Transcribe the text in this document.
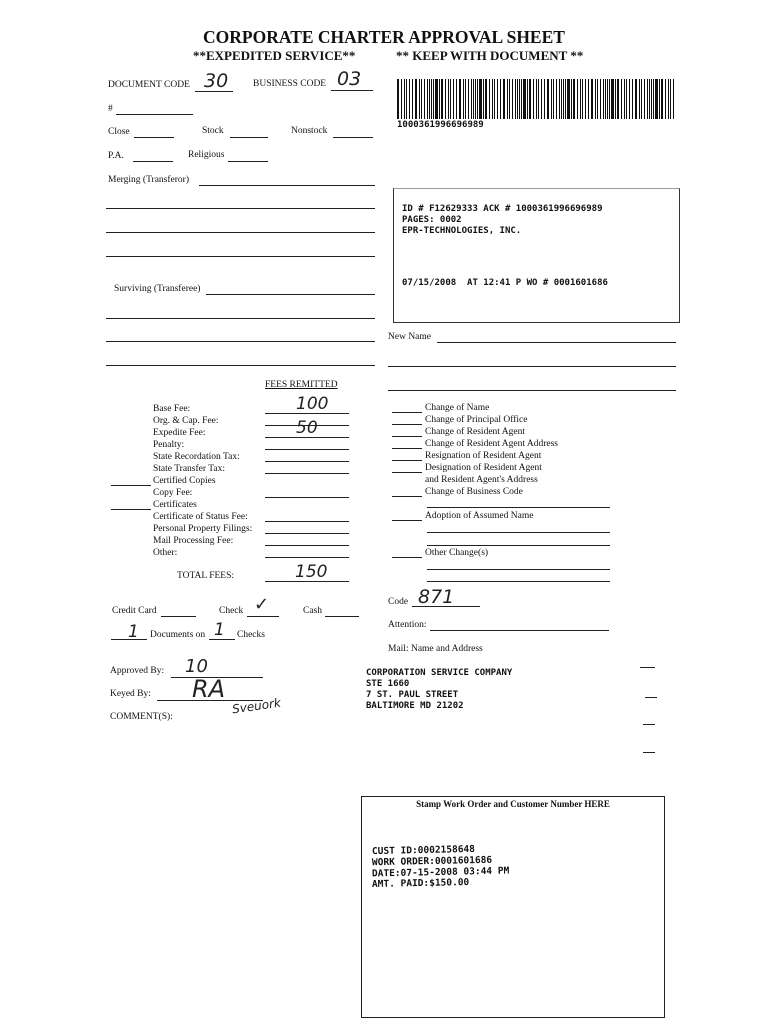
CORPORATE CHARTER APPROVAL SHEET
**EXPEDITED SERVICE**	** KEEP WITH DOCUMENT **
DOCUMENT CODE 30	BUSINESS CODE 03
#
Close	Stock	Nonstock
P.A.	Religious
Merging (Transferor)
Surviving (Transferee)
1000361996696989
ID # F12629333 ACK # 1000361996696989
PAGES: 0002
EPR-TECHNOLOGIES, INC.
07/15/2008  AT 12:41 P WO # 0001601686
New Name
FEES REMITTED
Base Fee:	100
Org. & Cap. Fee:
Expedite Fee:	50
Penalty:
State Recordation Tax:
State Transfer Tax:
Certified Copies
Copy Fee:
Certificates
Certificate of Status Fee:
Personal Property Filings:
Mail Processing Fee:
Other:
TOTAL FEES:	150
Change of Name
Change of Principal Office
Change of Resident Agent
Change of Resident Agent Address
Resignation of Resident Agent
Designation of Resident Agent
and Resident Agent's Address
Change of Business Code
Adoption of Assumed Name
Other Change(s)
Credit Card	Check ✓	Cash
1 Documents on 1 Checks
Code 871
Attention:
Mail: Name and Address
CORPORATION SERVICE COMPANY
STE 1660
7 ST. PAUL STREET
BALTIMORE MD 21202
Approved By: 10
Keyed By: RA
Sveuork
COMMENT(S):
Stamp Work Order and Customer Number HERE
CUST ID:0002158648
WORK ORDER:0001601686
DATE:07-15-2008 03:44 PM
AMT. PAID:$150.00
